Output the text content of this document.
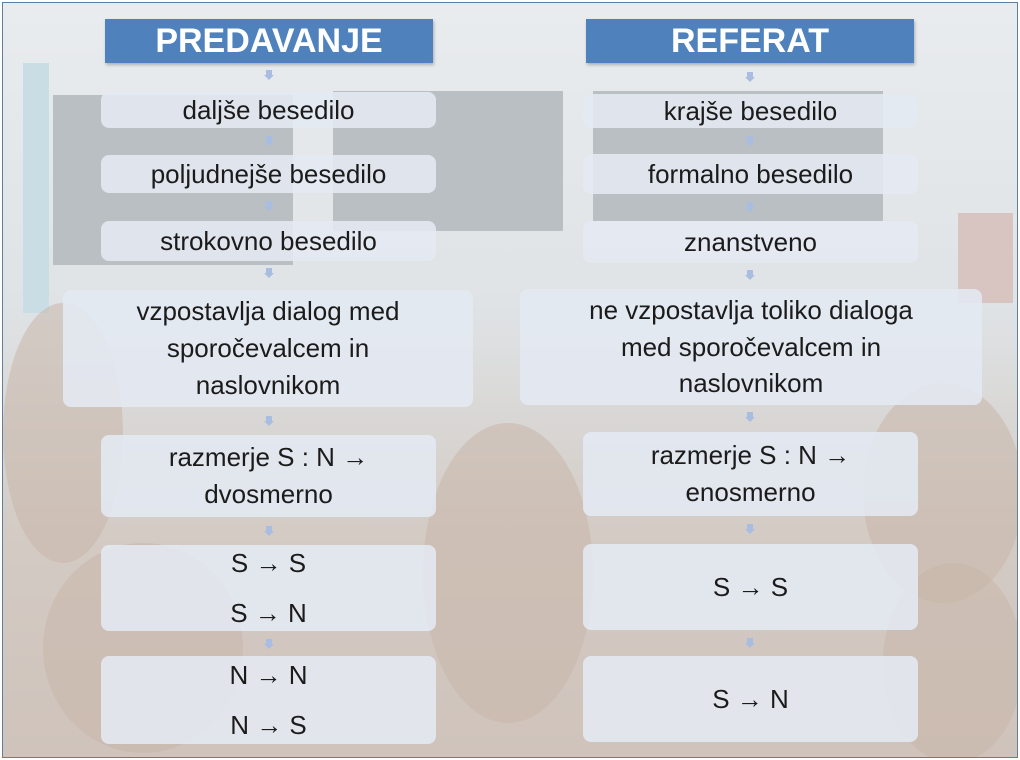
PREDAVANJE
daljše besedilo
poljudnejše besedilo
strokovno besedilo
vzpostavlja dialog med
sporočevalcem in
naslovnikom
razmerje S : N →
dvosmerno
S → S
S → N
N → N
N → S
REFERAT
krajše besedilo
formalno besedilo
znanstveno
ne vzpostavlja toliko dialoga
med sporočevalcem in
naslovnikom
razmerje S : N →
enosmerno
S → S
S → N
